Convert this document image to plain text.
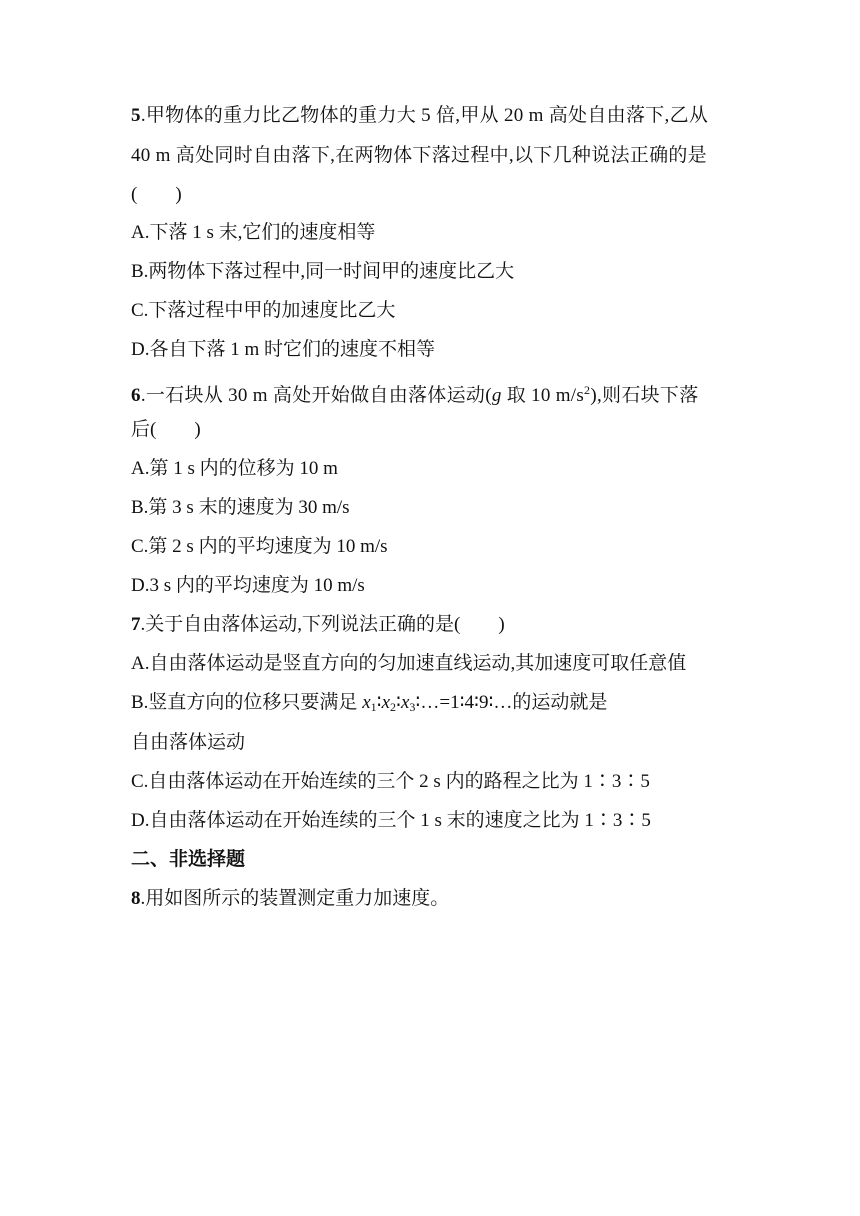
5.甲物体的重力比乙物体的重力大 5 倍,甲从 20 m 高处自由落下,乙从
40 m 高处同时自由落下,在两物体下落过程中,以下几种说法正确的是
(　　)
A.下落 1 s 末,它们的速度相等
B.两物体下落过程中,同一时间甲的速度比乙大
C.下落过程中甲的加速度比乙大
D.各自下落 1 m 时它们的速度不相等
6.一石块从 30 m 高处开始做自由落体运动(g 取 10 $m/s^2$),则石块下落
后(　　)
A.第 1 s 内的位移为 10 m
B.第 3 s 末的速度为 30 m/s
C.第 2 s 内的平均速度为 10 m/s
D.3 s 内的平均速度为 10 m/s
7.关于自由落体运动,下列说法正确的是(　　)
A.自由落体运动是竖直方向的匀加速直线运动,其加速度可取任意值
B.竖直方向的位移只要满足 $x_1∶x_2∶x_3∶\dots=1∶4∶9∶\dots$的运动就是
自由落体运动
C.自由落体运动在开始连续的三个 2 s 内的路程之比为 1∶3∶5
D.自由落体运动在开始连续的三个 1 s 末的速度之比为 1∶3∶5
二、非选择题
8.用如图所示的装置测定重力加速度。
